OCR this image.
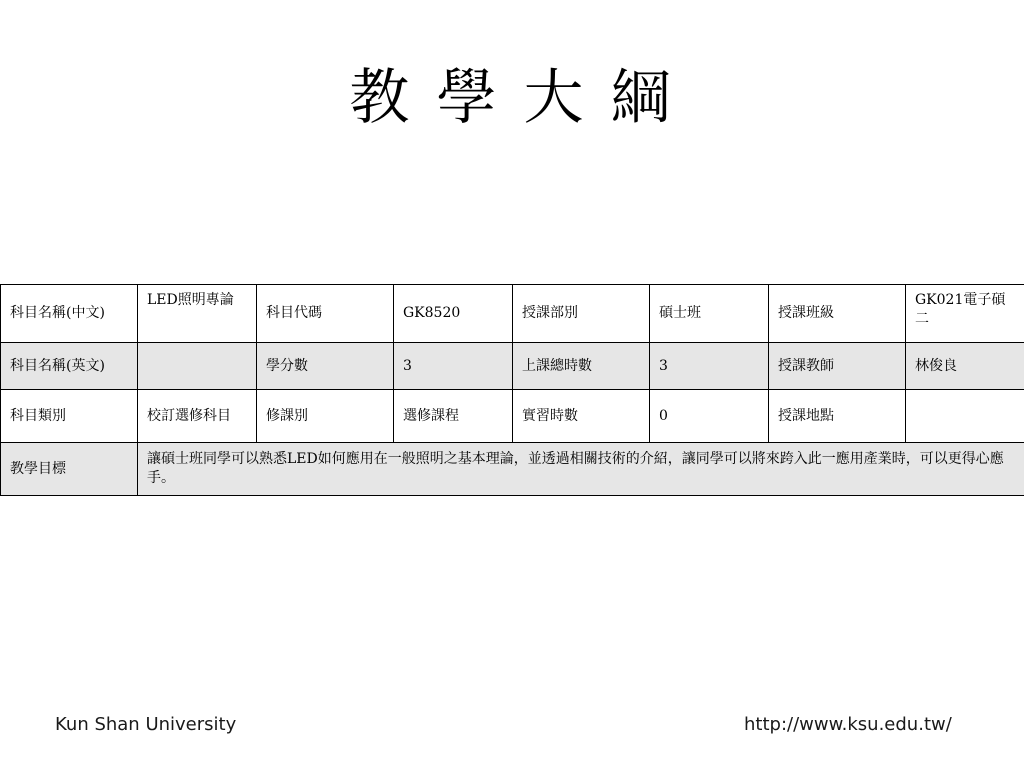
教 學 大 綱
科目名稱(中文)	LED照明專論	科目代碼	GK8520	授課部別	碩士班	授課班級	GK021電子碩二
科目名稱(英文)		學分數	3	上課總時數	3	授課教師	林俊良
科目類別	校訂選修科目	修課別	選修課程	實習時數	0	授課地點	
教學目標	讓碩士班同學可以熟悉LED如何應用在一般照明之基本理論，並透過相關技術的介紹，讓同學可以將來跨入此一應用產業時，可以更得心應手。						
Kun Shan University	http://www.ksu.edu.tw/
